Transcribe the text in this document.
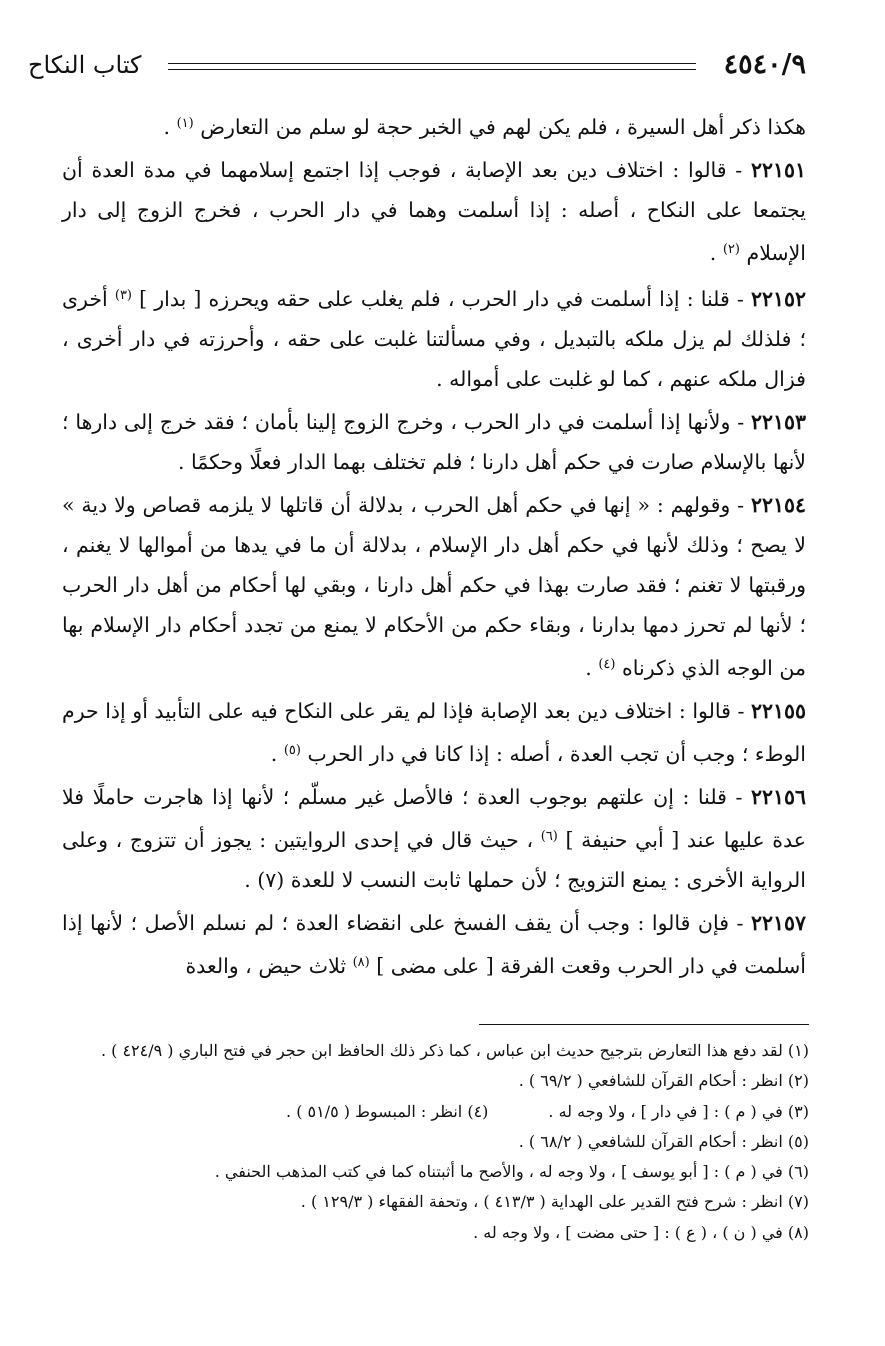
٤٥٤٠/٩
كتاب النكاح

هكذا ذكر أهل السيرة ، فلم يكن لهم في الخبر حجة لو سلم من التعارض $^{(١)}$ .

٢٢١٥١ - قالوا : اختلاف دين بعد الإصابة ، فوجب إذا اجتمع إسلامهما في مدة العدة أن يجتمعا على النكاح ، أصله : إذا أسلمت وهما في دار الحرب ، فخرج الزوج إلى دار الإسلام $^{(٢)}$ .

٢٢١٥٢ - قلنا : إذا أسلمت في دار الحرب ، فلم يغلب على حقه ويحرزه [ بدار ] $^{(٣)}$ أخرى ؛ فلذلك لم يزل ملكه بالتبديل ، وفي مسألتنا غلبت على حقه ، وأحرزته في دار أخرى ، فزال ملكه عنهم ، كما لو غلبت على أمواله .

٢٢١٥٣ - ولأنها إذا أسلمت في دار الحرب ، وخرج الزوج إلينا بأمان ؛ فقد خرج إلى دارها ؛ لأنها بالإسلام صارت في حكم أهل دارنا ؛ فلم تختلف بهما الدار فعلًا وحكمًا .

٢٢١٥٤ - وقولهم : « إنها في حكم أهل الحرب ، بدلالة أن قاتلها لا يلزمه قصاص ولا دية » لا يصح ؛ وذلك لأنها في حكم أهل دار الإسلام ، بدلالة أن ما في يدها من أموالها لا يغنم ، ورقبتها لا تغنم ؛ فقد صارت بهذا في حكم أهل دارنا ، وبقي لها أحكام من أهل دار الحرب ؛ لأنها لم تحرز دمها بدارنا ، وبقاء حكم من الأحكام لا يمنع من تجدد أحكام دار الإسلام بها من الوجه الذي ذكرناه $^{(٤)}$ .

٢٢١٥٥ - قالوا : اختلاف دين بعد الإصابة فإذا لم يقر على النكاح فيه على التأبيد أو إذا حرم الوطء ؛ وجب أن تجب العدة ، أصله : إذا كانا في دار الحرب $^{(٥)}$ .

٢٢١٥٦ - قلنا : إن علتهم بوجوب العدة ؛ فالأصل غير مسلّم ؛ لأنها إذا هاجرت حاملًا فلا عدة عليها عند [ أبي حنيفة ] $^{(٦)}$ ، حيث قال في إحدى الروايتين : يجوز أن تتزوج ، وعلى الرواية الأخرى : يمنع التزويج ؛ لأن حملها ثابت النسب لا للعدة (٧) .

٢٢١٥٧ - فإن قالوا : وجب أن يقف الفسخ على انقضاء العدة ؛ لم نسلم الأصل ؛ لأنها إذا أسلمت في دار الحرب وقعت الفرقة [ على مضى ] $^{(٨)}$ ثلاث حيض ، والعدة

(١) لقد دفع هذا التعارض بترجيح حديث ابن عباس ، كما ذكر ذلك الحافظ ابن حجر في فتح الباري ( ٤٢٤/٩ ) .
(٢) انظر : أحكام القرآن للشافعي ( ٦٩/٢ ) .
(٣) في ( م ) : [ في دار ] ، ولا وجه له .(٤) انظر : المبسوط ( ٥١/٥ ) .
(٥) انظر : أحكام القرآن للشافعي ( ٦٨/٢ ) .
(٦) في ( م ) : [ أبو يوسف ] ، ولا وجه له ، والأصح ما أثبتناه كما في كتب المذهب الحنفي .
(٧) انظر : شرح فتح القدير على الهداية ( ٤١٣/٣ ) ، وتحفة الفقهاء ( ١٢٩/٣ ) .
(٨) في ( ن ) ، ( ع ) : [ حتى مضت ] ، ولا وجه له .
